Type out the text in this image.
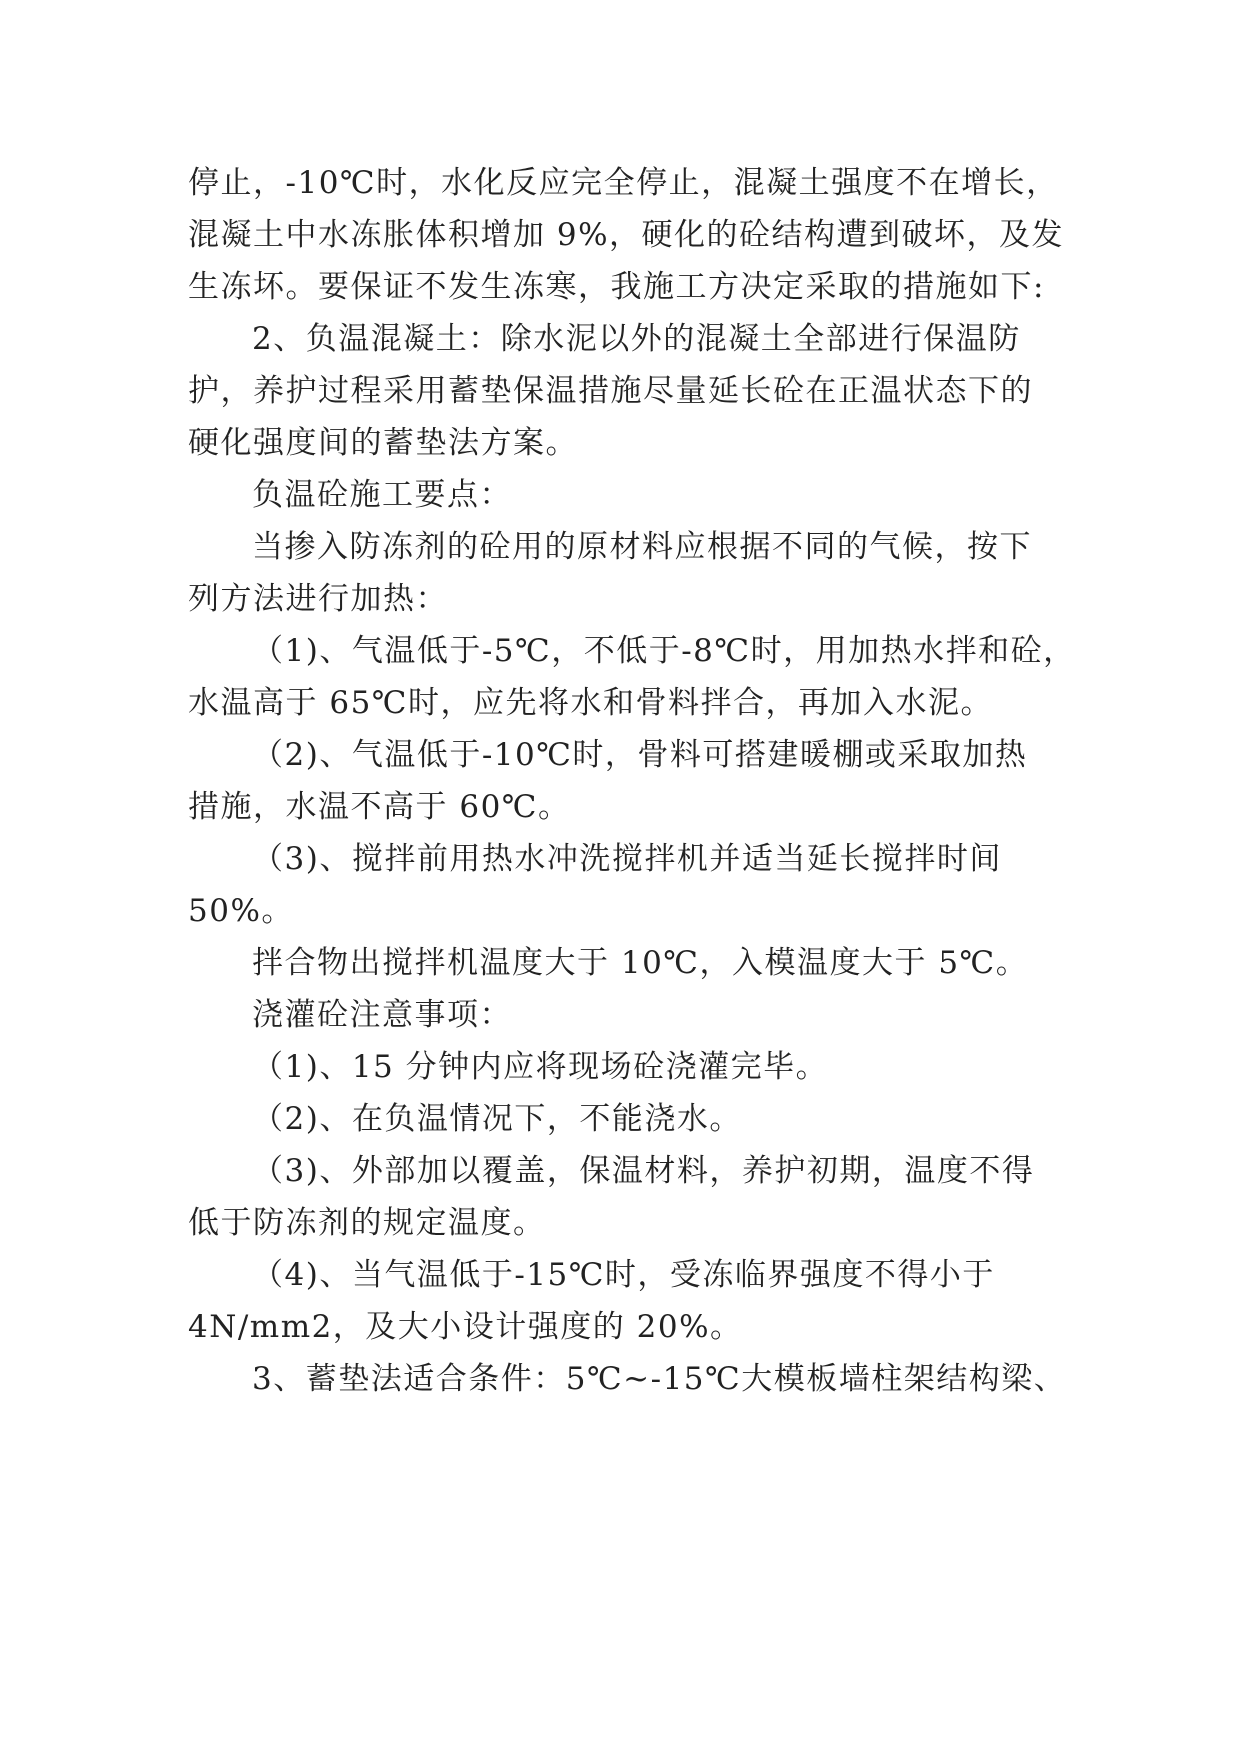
停止，-10℃时，水化反应完全停止，混凝土强度不在增长，
混凝土中水冻胀体积增加 9%，硬化的砼结构遭到破坏，及发
生冻坏。要保证不发生冻寒，我施工方决定采取的措施如下:
2、负温混凝土：除水泥以外的混凝土全部进行保温防
护，养护过程采用蓄垫保温措施尽量延长砼在正温状态下的
硬化强度间的蓄垫法方案。
负温砼施工要点：
当掺入防冻剂的砼用的原材料应根据不同的气候，按下
列方法进行加热：
（1)、气温低于-5℃，不低于-8℃时，用加热水拌和砼，
水温高于 65℃时，应先将水和骨料拌合，再加入水泥。
（2)、气温低于-10℃时，骨料可搭建暖棚或采取加热
措施，水温不高于 60℃。
（3)、搅拌前用热水冲洗搅拌机并适当延长搅拌时间
50%。
拌合物出搅拌机温度大于 10℃，入模温度大于 5℃。
浇灌砼注意事项：
（1)、15 分钟内应将现场砼浇灌完毕。
（2)、在负温情况下，不能浇水。
（3)、外部加以覆盖，保温材料，养护初期，温度不得
低于防冻剂的规定温度。
（4)、当气温低于-15℃时，受冻临界强度不得小于
4N/mm2，及大小设计强度的 20%。
3、蓄垫法适合条件：5℃~-15℃大模板墙柱架结构梁、
